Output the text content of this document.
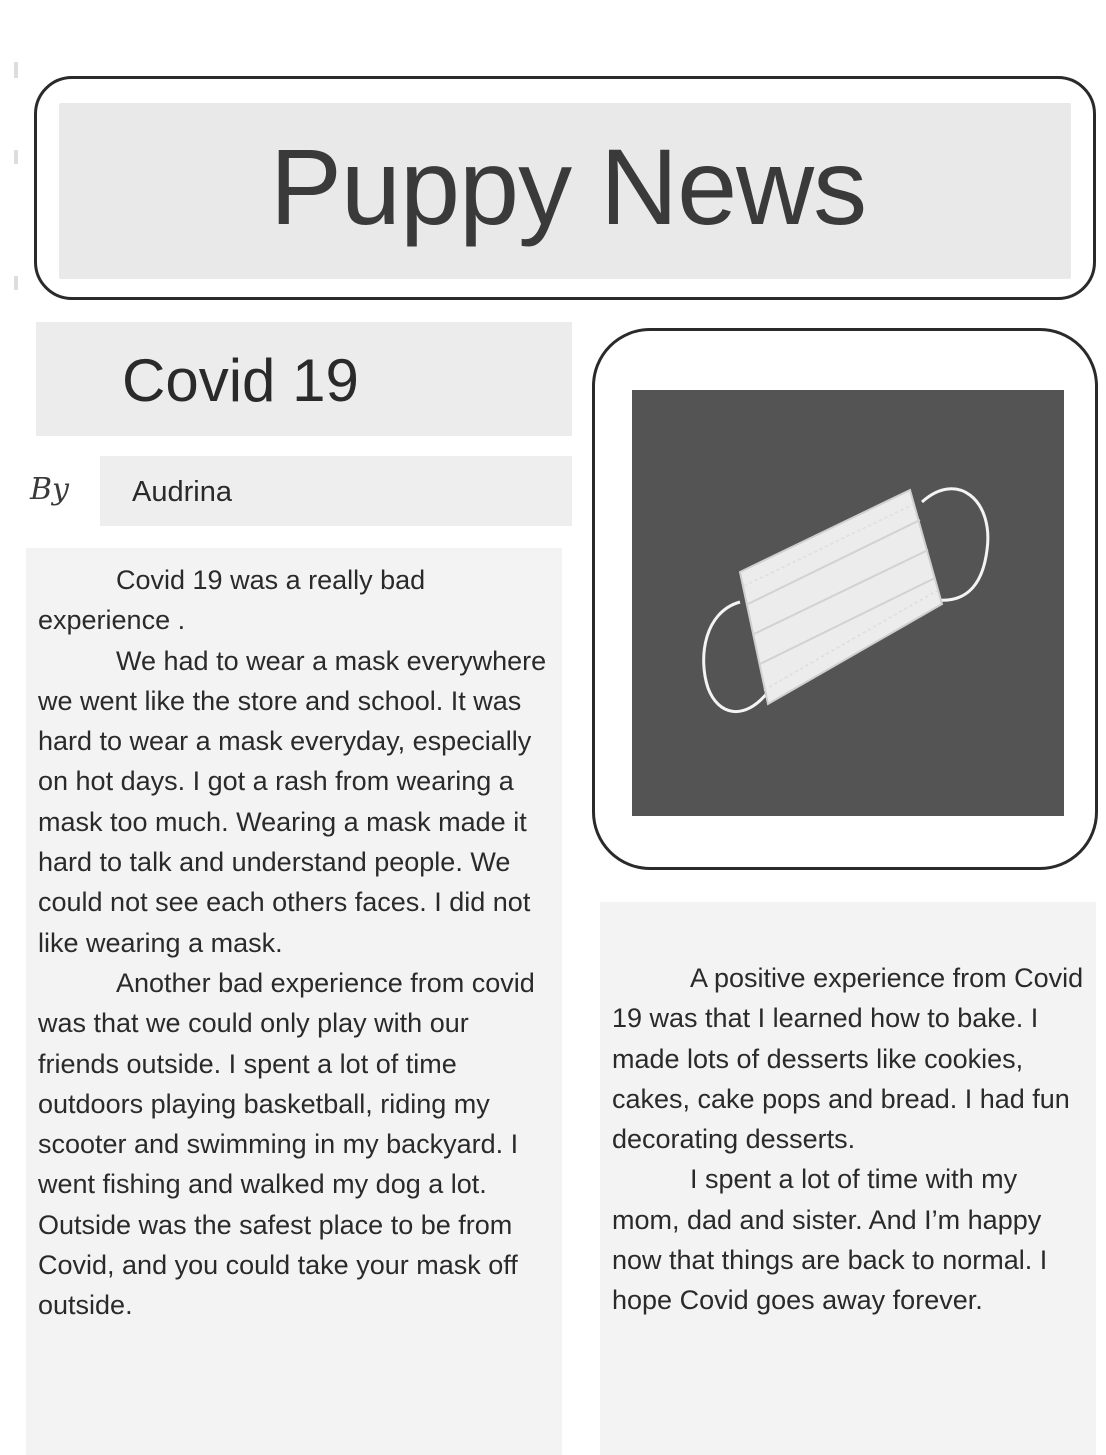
Puppy News
Covid 19
By Audrina

Covid 19 was a really bad experience .

We had to wear a mask everywhere we went like the store and school. It was hard to wear a mask everyday, especially on hot days. I got a rash from wearing a mask too much. Wearing a mask made it hard to talk and understand people. We could not see each others faces. I did not like wearing a mask.

Another bad experience from covid was that we could only play with our friends outside. I spent a lot of time outdoors playing basketball, riding my scooter and swimming in my backyard. I went fishing and walked my dog a lot. Outside was the safest place to be from Covid, and you could take your mask off outside.

A positive experience from Covid 19 was that I learned how to bake. I made lots of desserts like cookies, cakes, cake pops and bread. I had fun decorating desserts.

I spent a lot of time with my mom, dad and sister. And I’m happy now that things are back to normal. I hope Covid goes away forever.
